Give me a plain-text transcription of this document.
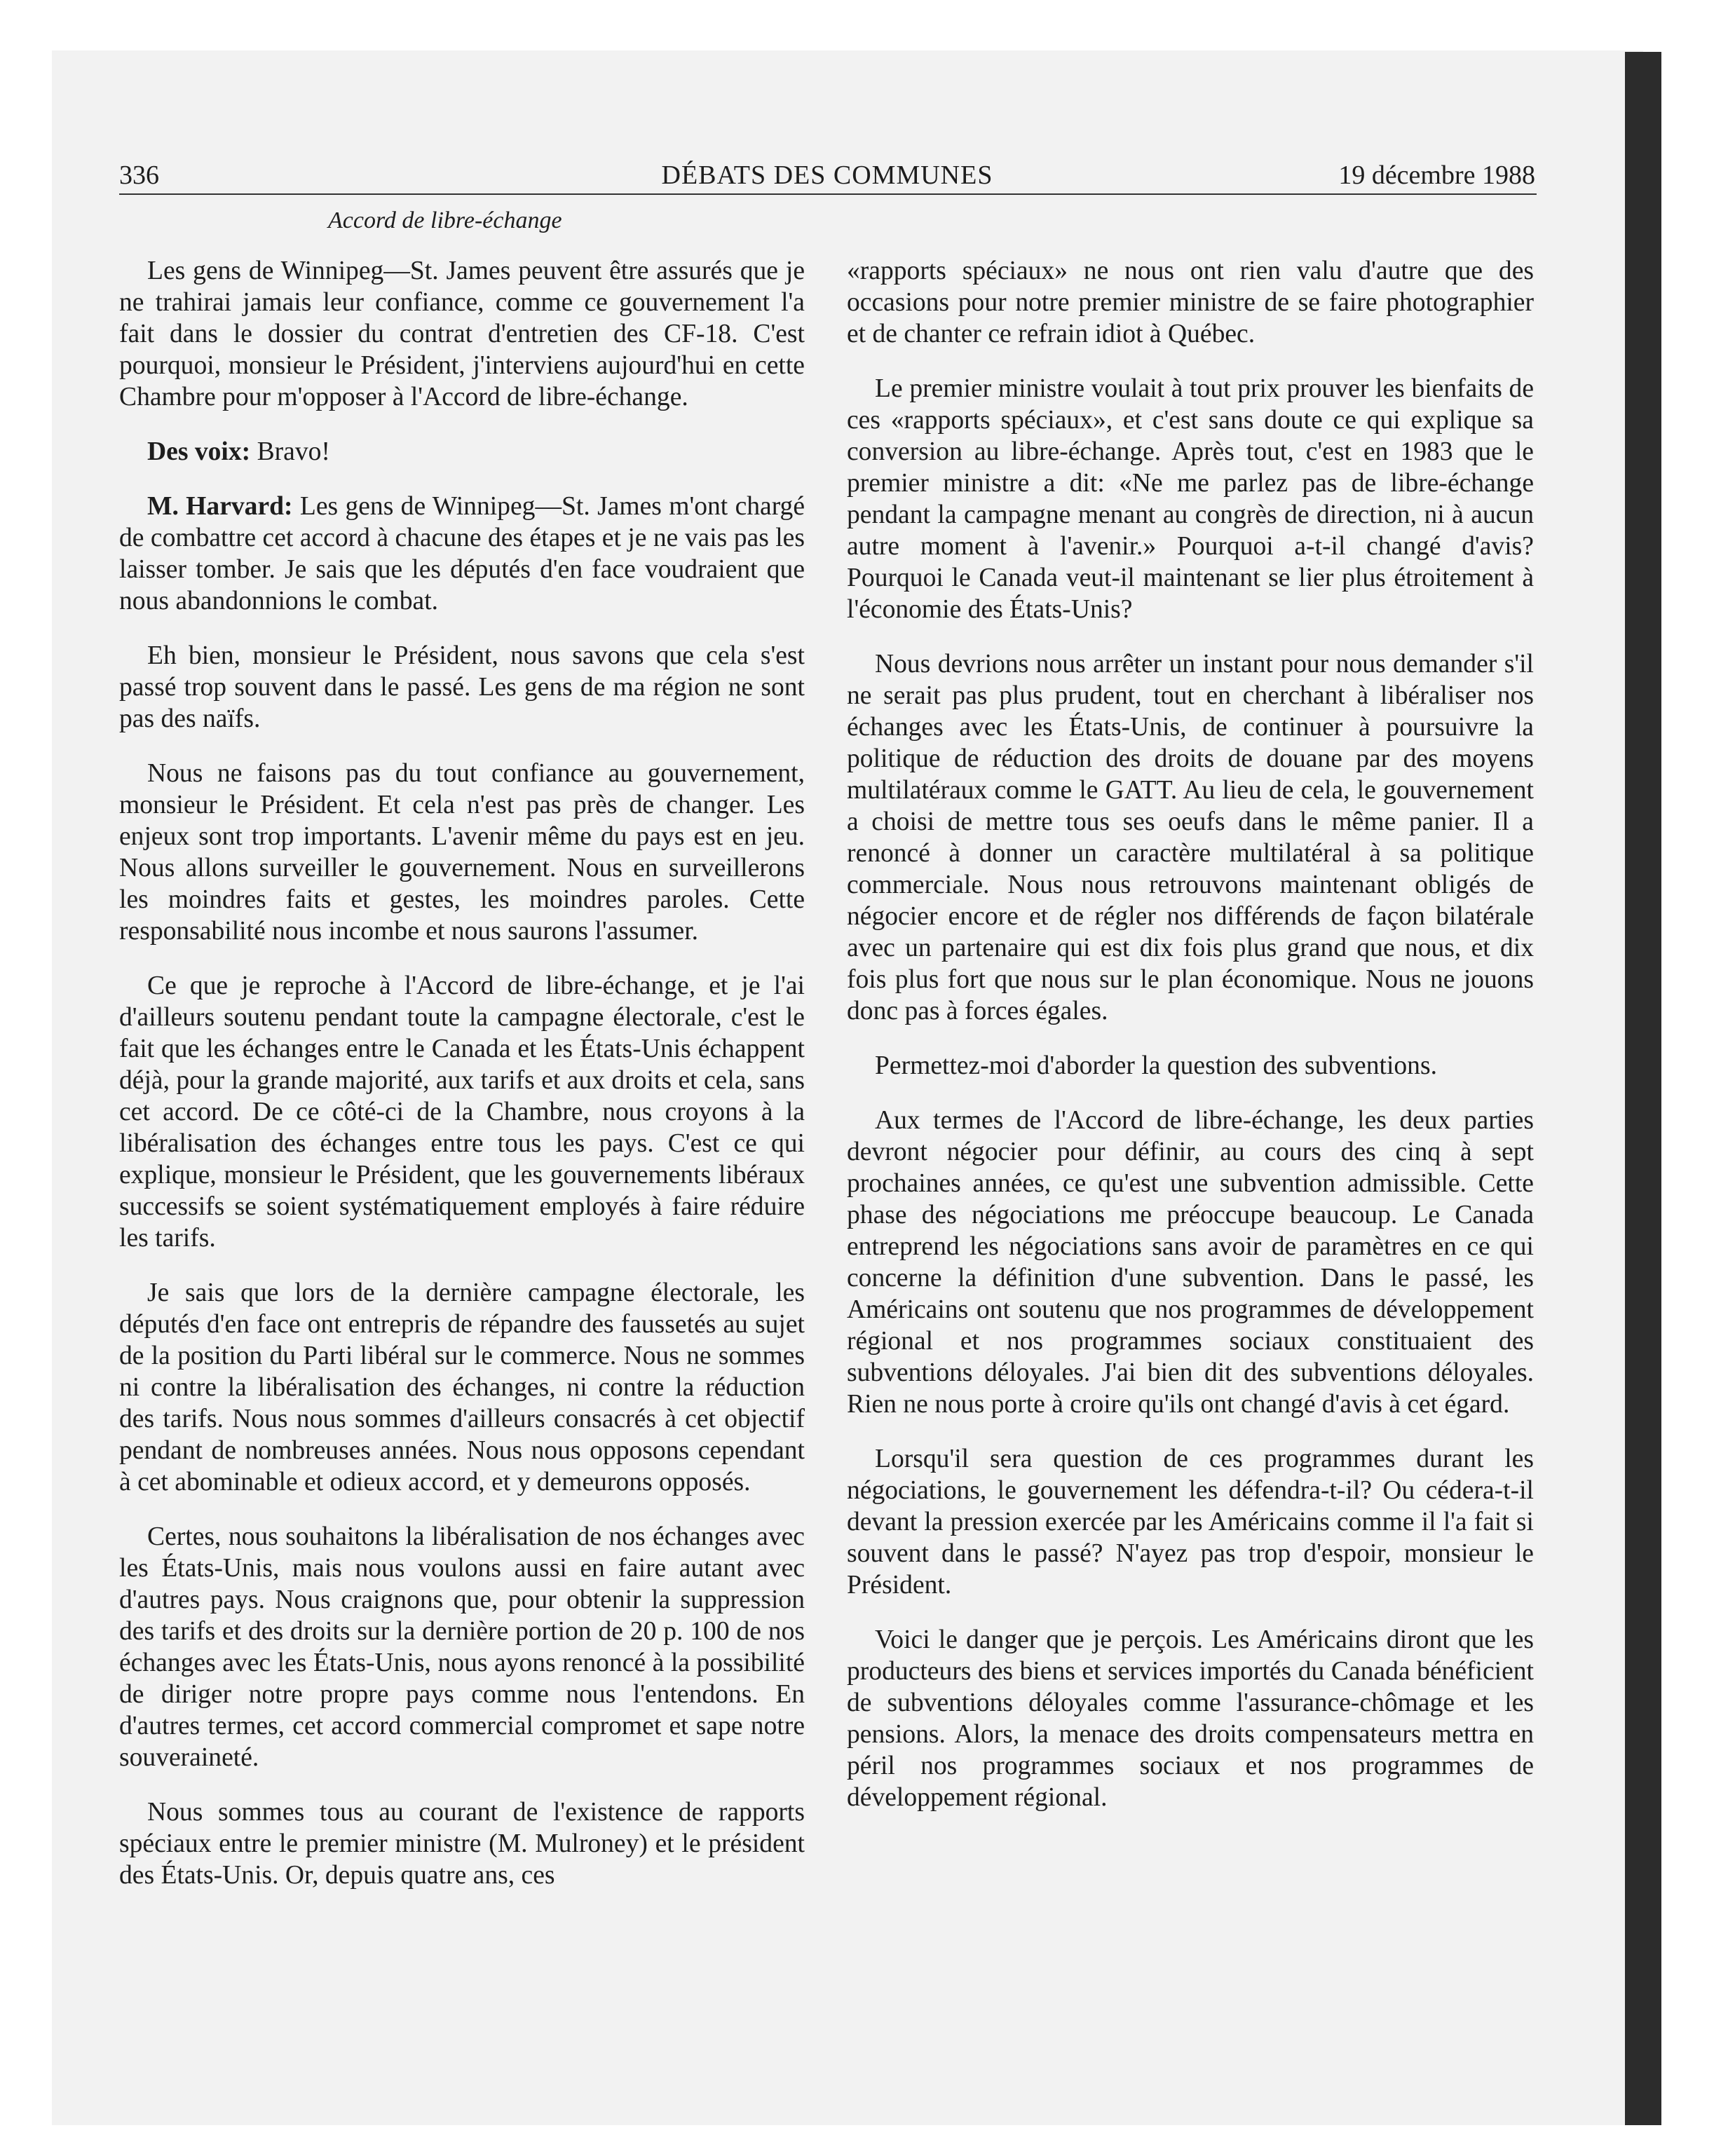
336	DÉBATS DES COMMUNES	19 décembre 1988
Accord de libre-échange

Les gens de Winnipeg—St. James peuvent être assurés que je ne trahirai jamais leur confiance, comme ce gouvernement l'a fait dans le dossier du contrat d'entretien des CF-18. C'est pourquoi, monsieur le Président, j'interviens aujourd'hui en cette Chambre pour m'opposer à l'Accord de libre-échange.

Des voix: Bravo!

M. Harvard: Les gens de Winnipeg—St. James m'ont chargé de combattre cet accord à chacune des étapes et je ne vais pas les laisser tomber. Je sais que les députés d'en face voudraient que nous abandonnions le combat.

Eh bien, monsieur le Président, nous savons que cela s'est passé trop souvent dans le passé. Les gens de ma région ne sont pas des naïfs.

Nous ne faisons pas du tout confiance au gouvernement, monsieur le Président. Et cela n'est pas près de changer. Les enjeux sont trop importants. L'avenir même du pays est en jeu. Nous allons surveiller le gouvernement. Nous en surveillerons les moindres faits et gestes, les moindres paroles. Cette responsabilité nous incombe et nous saurons l'assumer.

Ce que je reproche à l'Accord de libre-échange, et je l'ai d'ailleurs soutenu pendant toute la campagne électorale, c'est le fait que les échanges entre le Canada et les États-Unis échappent déjà, pour la grande majorité, aux tarifs et aux droits et cela, sans cet accord. De ce côté-ci de la Chambre, nous croyons à la libéralisation des échanges entre tous les pays. C'est ce qui explique, monsieur le Président, que les gouvernements libéraux successifs se soient systématiquement employés à faire réduire les tarifs.

Je sais que lors de la dernière campagne électorale, les députés d'en face ont entrepris de répandre des faussetés au sujet de la position du Parti libéral sur le commerce. Nous ne sommes ni contre la libéralisation des échanges, ni contre la réduction des tarifs. Nous nous sommes d'ailleurs consacrés à cet objectif pendant de nombreuses années. Nous nous opposons cependant à cet abominable et odieux accord, et y demeurons opposés.

Certes, nous souhaitons la libéralisation de nos échanges avec les États-Unis, mais nous voulons aussi en faire autant avec d'autres pays. Nous craignons que, pour obtenir la suppression des tarifs et des droits sur la dernière portion de 20 p. 100 de nos échanges avec les États-Unis, nous ayons renoncé à la possibilité de diriger notre propre pays comme nous l'entendons. En d'autres termes, cet accord commercial compromet et sape notre souveraineté.

Nous sommes tous au courant de l'existence de rapports spéciaux entre le premier ministre (M. Mulroney) et le président des États-Unis. Or, depuis quatre ans, ces

«rapports spéciaux» ne nous ont rien valu d'autre que des occasions pour notre premier ministre de se faire photographier et de chanter ce refrain idiot à Québec.

Le premier ministre voulait à tout prix prouver les bienfaits de ces «rapports spéciaux», et c'est sans doute ce qui explique sa conversion au libre-échange. Après tout, c'est en 1983 que le premier ministre a dit: «Ne me parlez pas de libre-échange pendant la campagne menant au congrès de direction, ni à aucun autre moment à l'avenir.» Pourquoi a-t-il changé d'avis? Pourquoi le Canada veut-il maintenant se lier plus étroitement à l'économie des États-Unis?

Nous devrions nous arrêter un instant pour nous demander s'il ne serait pas plus prudent, tout en cherchant à libéraliser nos échanges avec les États-Unis, de continuer à poursuivre la politique de réduction des droits de douane par des moyens multilatéraux comme le GATT. Au lieu de cela, le gouvernement a choisi de mettre tous ses oeufs dans le même panier. Il a renoncé à donner un caractère multilatéral à sa politique commerciale. Nous nous retrouvons maintenant obligés de négocier encore et de régler nos différends de façon bilatérale avec un partenaire qui est dix fois plus grand que nous, et dix fois plus fort que nous sur le plan économique. Nous ne jouons donc pas à forces égales.

Permettez-moi d'aborder la question des subventions.

Aux termes de l'Accord de libre-échange, les deux parties devront négocier pour définir, au cours des cinq à sept prochaines années, ce qu'est une subvention admissible. Cette phase des négociations me préoccupe beaucoup. Le Canada entreprend les négociations sans avoir de paramètres en ce qui concerne la définition d'une subvention. Dans le passé, les Américains ont soutenu que nos programmes de développement régional et nos programmes sociaux constituaient des subventions déloyales. J'ai bien dit des subventions déloyales. Rien ne nous porte à croire qu'ils ont changé d'avis à cet égard.

Lorsqu'il sera question de ces programmes durant les négociations, le gouvernement les défendra-t-il? Ou cédera-t-il devant la pression exercée par les Américains comme il l'a fait si souvent dans le passé? N'ayez pas trop d'espoir, monsieur le Président.

Voici le danger que je perçois. Les Américains diront que les producteurs des biens et services importés du Canada bénéficient de subventions déloyales comme l'assurance-chômage et les pensions. Alors, la menace des droits compensateurs mettra en péril nos programmes sociaux et nos programmes de développement régional.
